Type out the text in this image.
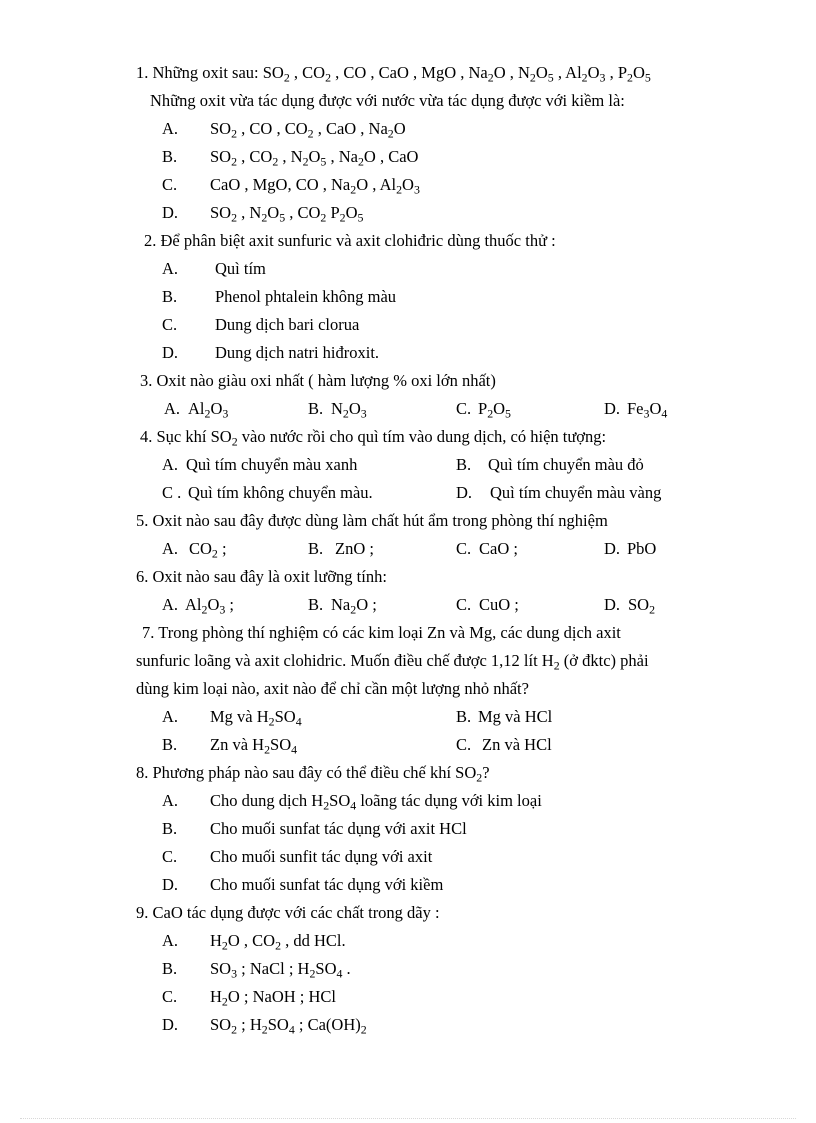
1. Những oxit sau: $SO_2$ , $CO_2$ , CO , CaO , MgO , $Na_2O$ , $N_2O_5$ , $Al_2O_3$ , $P_2O_5$
Những oxit vừa tác dụng được với nước vừa tác dụng được với kiềm là:
A. $SO_2$ , CO , $CO_2$ , CaO , $Na_2O$
B. $SO_2$ , $CO_2$ , $N_2O_5$ , $Na_2O$ , CaO
C. CaO , MgO, CO , $Na_2O$ , $Al_2O_3$
D. $SO_2$ , $N_2O_5$ , $CO_2$ $P_2O_5$
2. Để phân biệt axit sunfuric và axit clohiđric dùng thuốc thử :
A. Quì tím
B. Phenol phtalein không màu
C. Dung dịch bari clorua
D. Dung dịch natri hiđroxit.
3. Oxit nào giàu oxi nhất ( hàm lượng % oxi lớn nhất)
A. $Al_2O_3$	B. $N_2O_3$	C. $P_2O_5$	D. $Fe_3O_4$
4. Sục khí $SO_2$ vào nước rồi cho quì tím vào dung dịch, có hiện tượng:
A. Quì tím chuyển màu xanh	B. Quì tím chuyển màu đỏ
C . Quì tím không chuyển màu.	D. Quì tím chuyển màu vàng
5. Oxit nào sau đây được dùng làm chất hút ẩm trong phòng thí nghiệm
A. $CO_2$ ;	B. ZnO ;	C. CaO ;	D. PbO
6. Oxit nào sau đây là oxit lưỡng tính:
A. $Al_2O_3$ ;	B. $Na_2O$ ;	C. CuO ;	D. $SO_2$
7. Trong phòng thí nghiệm có các kim loại Zn và Mg, các dung dịch axit
sunfuric loãng và axit clohidric. Muốn điều chế được 1,12 lít $H_2$ (ở đktc) phải
dùng kim loại nào, axit nào để chỉ cần một lượng nhỏ nhất?
A. Mg và $H_2SO_4$	B. Mg và HCl
B. Zn và $H_2SO_4$	C. Zn và HCl
8. Phương pháp nào sau đây có thể điều chế khí $SO_2$?
A. Cho dung dịch $H_2SO_4$ loãng tác dụng với kim loại
B. Cho muối sunfat tác dụng với axit HCl
C. Cho muối sunfit tác dụng với axit
D. Cho muối sunfat tác dụng với kiềm
9. CaO tác dụng được với các chất trong dãy :
A. $H_2O$ , $CO_2$ , dd HCl.
B. $SO_3$ ; NaCl ; $H_2SO_4$ .
C. $H_2O$ ; NaOH ; HCl
D. $SO_2$ ; $H_2SO_4$ ; $Ca(OH)_2$
